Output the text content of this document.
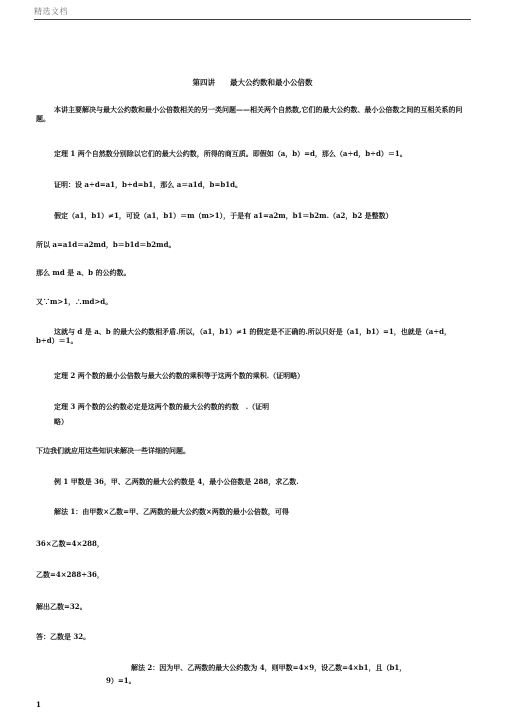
精选文档
第四讲　　最大公约数和最小公倍数
本讲主要解决与最大公约数和最小公倍数相关的另一类问题——相关两个自然数,它们的最大公约数、最小公倍数之间的互相关系的问题。
定理 1 两个自然数分别除以它们的最大公约数，所得的商互质。即假如（a，b）=d，那么（a÷d，b÷d）＝1。
证明：设 a÷d=a1，b÷d=b1，那么 a＝a1d，b=b1d。
假定（a1，b1）≠1，可设（a1，b1）＝m（m>1），于是有 a1=a2m，b1＝b2m.（a2，b2 是整数）
所以 a=a1d＝a2md，b＝b1d＝b2md。
那么 md 是 a、b 的公约数。
又∵m>1，∴md>d。
这就与 d 是 a、b 的最大公约数相矛盾.所以，（a1，b1）≠1 的假定是不正确的.所以只好是（a1，b1）=1，也就是（a÷d，b÷d）＝1。
定理 2 两个数的最小公倍数与最大公约数的乘积等于这两个数的乘积.（证明略）
定理 3 两个数的公约数必定是这两个数的最大公约数的约数　.（证明
略）
下边我们就应用这些知识来解决一些详细的问题。
例 1 甲数是 36，甲、乙两数的最大公约数是 4，最小公倍数是 288，求乙数.
解法 1：由甲数×乙数=甲、乙两数的最大公约数×两数的最小公倍数，可得
36×乙数=4×288，
乙数=4×288÷36，
解出乙数=32。
答：乙数是 32。
解法 2：因为甲、乙两数的最大公约数为 4，则甲数=4×9，设乙数=4×b1，且（b1，
9）=1。
1
